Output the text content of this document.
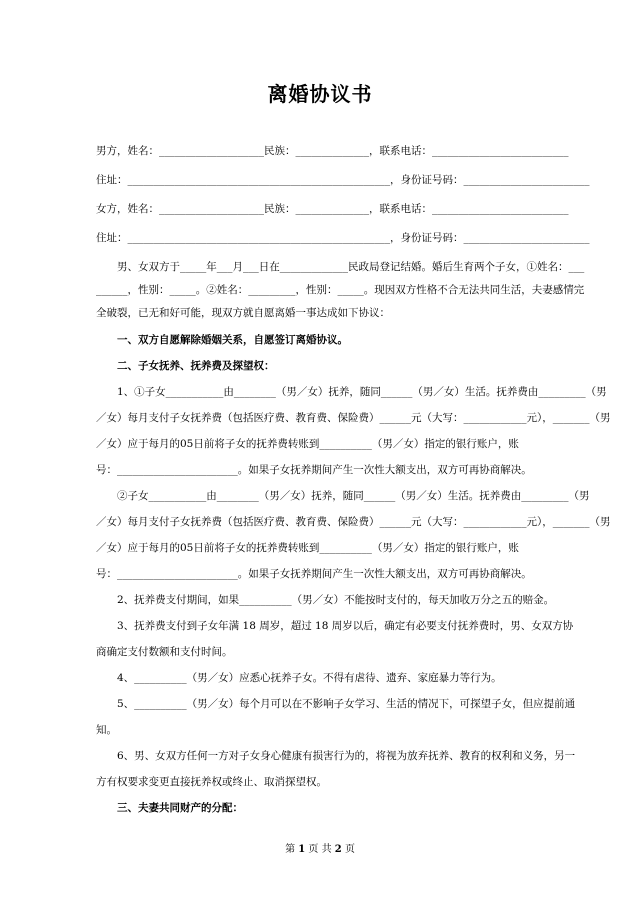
离婚协议书
男方，姓名：____________________民族：______________，联系电话：__________________________
住址：__________________________________________________，身份证号码：________________________
女方，姓名：____________________民族：______________，联系电话：__________________________
住址：__________________________________________________，身份证号码：________________________
男、女双方于_____年___月___日在_____________民政局登记结婚。婚后生育两个子女，①姓名：___
______，性别：_____。②姓名：_________，性别：_____。现因双方性格不合无法共同生活，夫妻感情完
全破裂，已无和好可能，现双方就自愿离婚一事达成如下协议：
一、双方自愿解除婚姻关系，自愿签订离婚协议。
二、子女抚养、抚养费及探望权：
1、①子女___________由________（男／女）抚养，随同______（男／女）生活。抚养费由_________（男
／女）每月支付子女抚养费（包括医疗费、教育费、保险费）______元（大写：____________元），_______（男
／女）应于每月的05日前将子女的抚养费转账到__________（男／女）指定的银行账户，账
号：_______________________。如果子女抚养期间产生一次性大额支出，双方可再协商解决。
②子女___________由________（男／女）抚养，随同______（男／女）生活。抚养费由_________（男
／女）每月支付子女抚养费（包括医疗费、教育费、保险费）______元（大写：____________元），_______（男
／女）应于每月的05日前将子女的抚养费转账到__________（男／女）指定的银行账户，账
号：_______________________。如果子女抚养期间产生一次性大额支出，双方可再协商解决。
2、抚养费支付期间，如果__________（男／女）不能按时支付的，每天加收万分之五的赔金。
3、抚养费支付到子女年满 18 周岁，超过 18 周岁以后，确定有必要支付抚养费时，男、女双方协
商确定支付数额和支付时间。
4、__________（男／女）应悉心抚养子女。不得有虐待、遗弃、家庭暴力等行为。
5、__________（男／女）每个月可以在不影响子女学习、生活的情况下，可探望子女，但应提前通
知。
6、男、女双方任何一方对子女身心健康有损害行为的，将视为放弃抚养、教育的权利和义务，另一
方有权要求变更直接抚养权或终止、取消探望权。
三、夫妻共同财产的分配：
第 1 页 共 2 页
